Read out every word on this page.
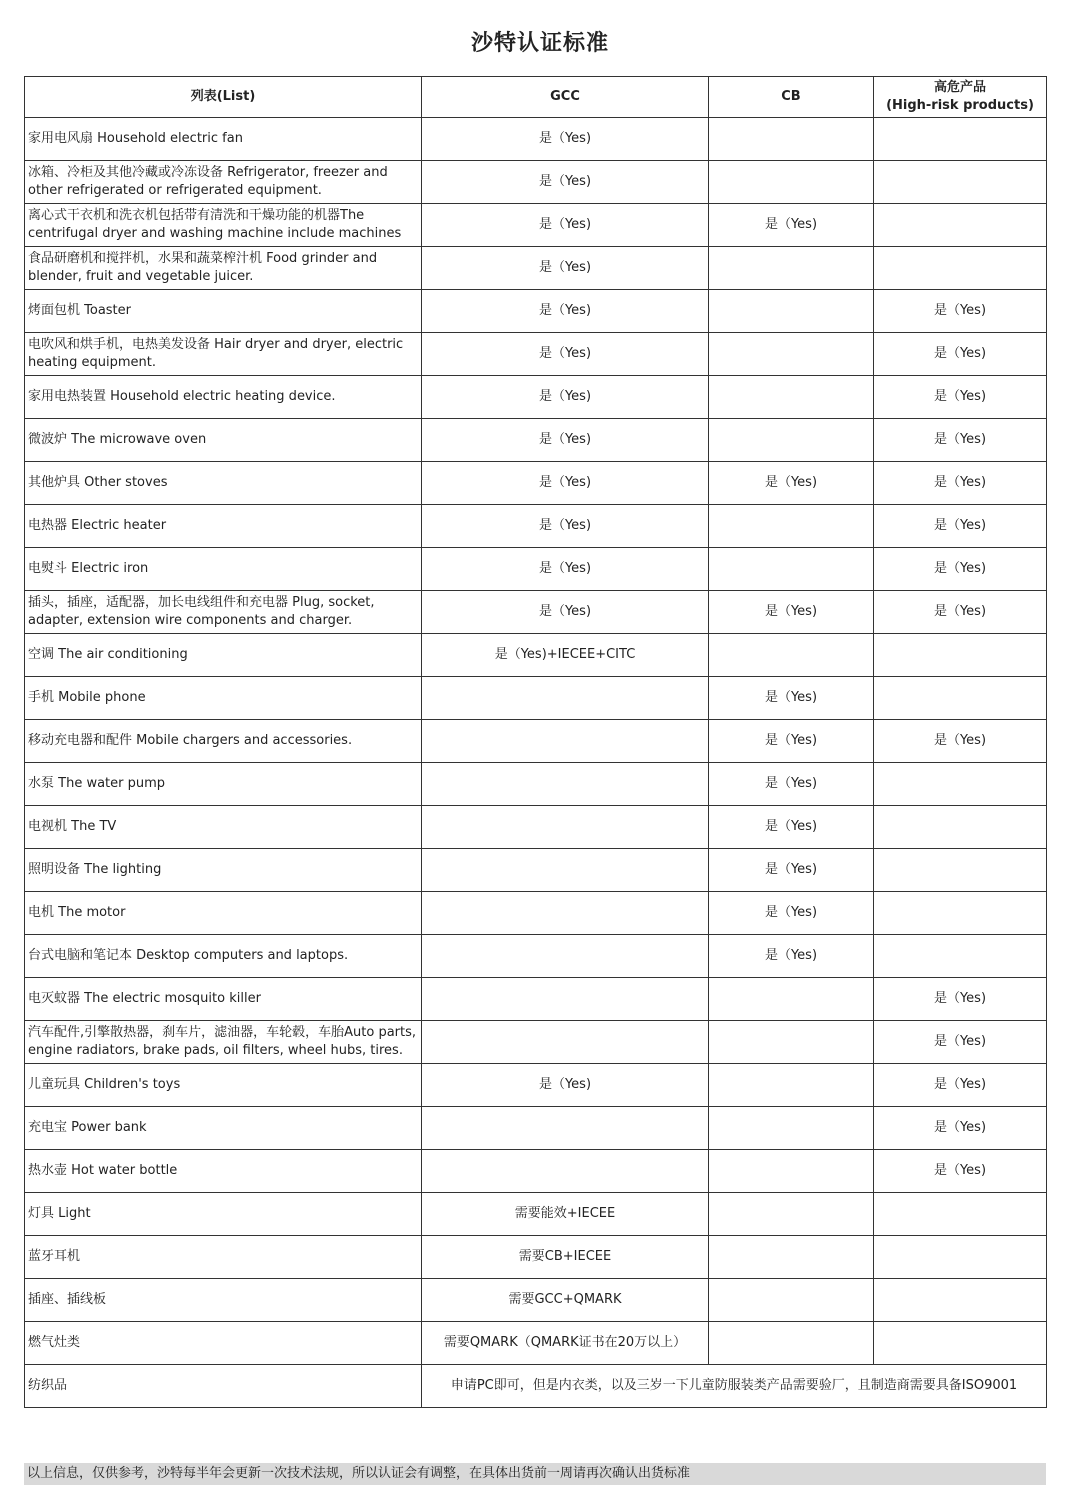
沙特认证标准
列表(List)	GCC	CB	高危产品
(High-risk products)

家用电风扇 Household electric fan	是（Yes)		

冰箱、冷柜及其他冷藏或冷冻设备 Refrigerator, freezer and other refrigerated or refrigerated equipment.	是（Yes)		

离心式干衣机和洗衣机包括带有清洗和干燥功能的机器The centrifugal dryer and washing machine include machines	是（Yes)	是（Yes)	

食品研磨机和搅拌机，水果和蔬菜榨汁机 Food grinder and blender, fruit and vegetable juicer.	是（Yes)		

烤面包机 Toaster	是（Yes)		是（Yes)

电吹风和烘手机，电热美发设备 Hair dryer and dryer, electric heating equipment.	是（Yes)		是（Yes)

家用电热装置 Household electric heating device.	是（Yes)		是（Yes)

微波炉 The microwave oven	是（Yes)		是（Yes)

其他炉具 Other stoves	是（Yes)	是（Yes)	是（Yes)

电热器 Electric heater	是（Yes)		是（Yes)

电熨斗 Electric iron	是（Yes)		是（Yes)

插头，插座，适配器，加长电线组件和充电器 Plug, socket, adapter, extension wire components and charger.	是（Yes)	是（Yes)	是（Yes)

空调 The air conditioning	是（Yes)+IECEE+CITC		

手机 Mobile phone		是（Yes)	

移动充电器和配件 Mobile chargers and accessories.		是（Yes)	是（Yes)

水泵 The water pump		是（Yes)	

电视机 The TV		是（Yes)	

照明设备 The lighting		是（Yes)	

电机 The motor		是（Yes)	

台式电脑和笔记本 Desktop computers and laptops.		是（Yes)	

电灭蚊器 The electric mosquito killer			是（Yes)

汽车配件,引擎散热器，刹车片，滤油器，车轮毂，车胎Auto parts, engine radiators, brake pads, oil filters, wheel hubs, tires.			是（Yes)

儿童玩具 Children's toys	是（Yes)		是（Yes)

充电宝 Power bank			是（Yes)

热水壶 Hot water bottle			是（Yes)

灯具 Light	需要能效+IECEE		

蓝牙耳机	需要CB+IECEE		

插座、插线板	需要GCC+QMARK		

燃气灶类	需要QMARK（QMARK证书在20万以上）		
纺织品	申请PC即可，但是内衣类，以及三岁一下儿童防服装类产品需要验厂，且制造商需要具备ISO9001		
以上信息，仅供参考，沙特每半年会更新一次技术法规，所以认证会有调整，在具体出货前一周请再次确认出货标准
